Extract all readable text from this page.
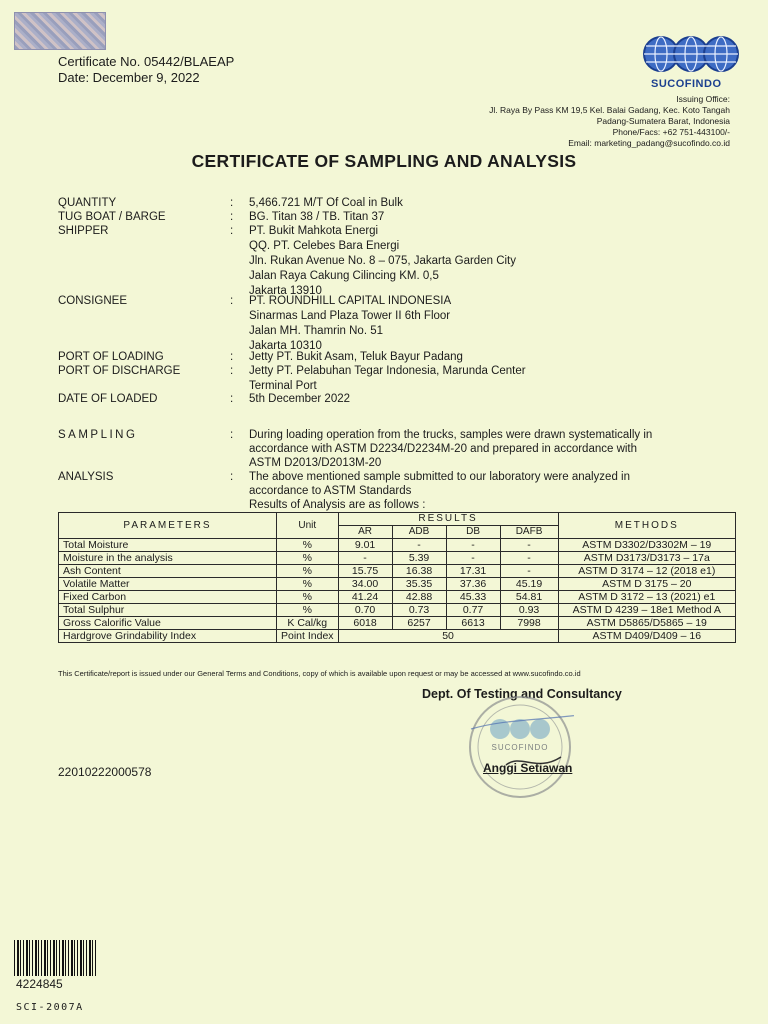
Certificate No. 05442/BLAEAP
Date: December 9, 2022	SUCOFINDO
Issuing Office:
Jl. Raya By Pass KM 19,5 Kel. Balai Gadang, Kec. Koto Tangah
Padang-Sumatera Barat, Indonesia
Phone/Facs: +62 751-443100/-
Email: marketing_padang@sucofindo.co.id
CERTIFICATE OF SAMPLING AND ANALYSIS
QUANTITY	: 5,466.721 M/T Of Coal in Bulk
TUG BOAT / BARGE	: BG. Titan 38 / TB. Titan 37
SHIPPER	: PT. Bukit Mahkota Energi
QQ. PT. Celebes Bara Energi
Jln. Rukan Avenue No. 8 – 075, Jakarta Garden City
Jalan Raya Cakung Cilincing KM. 0,5
Jakarta 13910
CONSIGNEE	: PT. ROUNDHILL CAPITAL INDONESIA
Sinarmas Land Plaza Tower II 6th Floor
Jalan MH. Thamrin No. 51
Jakarta 10310
PORT OF LOADING	: Jetty PT. Bukit Asam, Teluk Bayur Padang
PORT OF DISCHARGE	: Jetty PT. Pelabuhan Tegar Indonesia, Marunda Center
Terminal Port
DATE OF LOADED	: 5th December 2022
SAMPLING	: During loading operation from the trucks, samples were drawn systematically in
accordance with ASTM D2234/D2234M-20 and prepared in accordance with
ASTM D2013/D2013M-20
ANALYSIS	: The above mentioned sample submitted to our laboratory were analyzed in
accordance to ASTM Standards
Results of Analysis are as follows :
PARAMETERS	Unit	RESULTS				METHODS
		AR	ADB	DB	DAFB	
Total Moisture	%	9.01	-	-	-	ASTM D3302/D3302M – 19
Moisture in the analysis	%	-	5.39	-	-	ASTM D3173/D3173 – 17a
Ash Content	%	15.75	16.38	17.31	-	ASTM D 3174 – 12 (2018 e1)
Volatile Matter	%	34.00	35.35	37.36	45.19	ASTM D 3175 – 20
Fixed Carbon	%	41.24	42.88	45.33	54.81	ASTM D 3172 – 13 (2021) e1
Total Sulphur	%	0.70	0.73	0.77	0.93	ASTM D 4239 – 18e1 Method A
Gross Calorific Value	K Cal/kg	6018	6257	6613	7998	ASTM D5865/D5865 – 19
Hardgrove Grindability Index	Point Index	50				ASTM D409/D409 – 16
This Certificate/report is issued under our General Terms and Conditions, copy of which is available upon request or may be accessed at www.sucofindo.co.id
Dept. Of Testing and Consultancy
SUCOFINDO
Anggi Setiawan
22010222000578
4224845
SCI-2007A
